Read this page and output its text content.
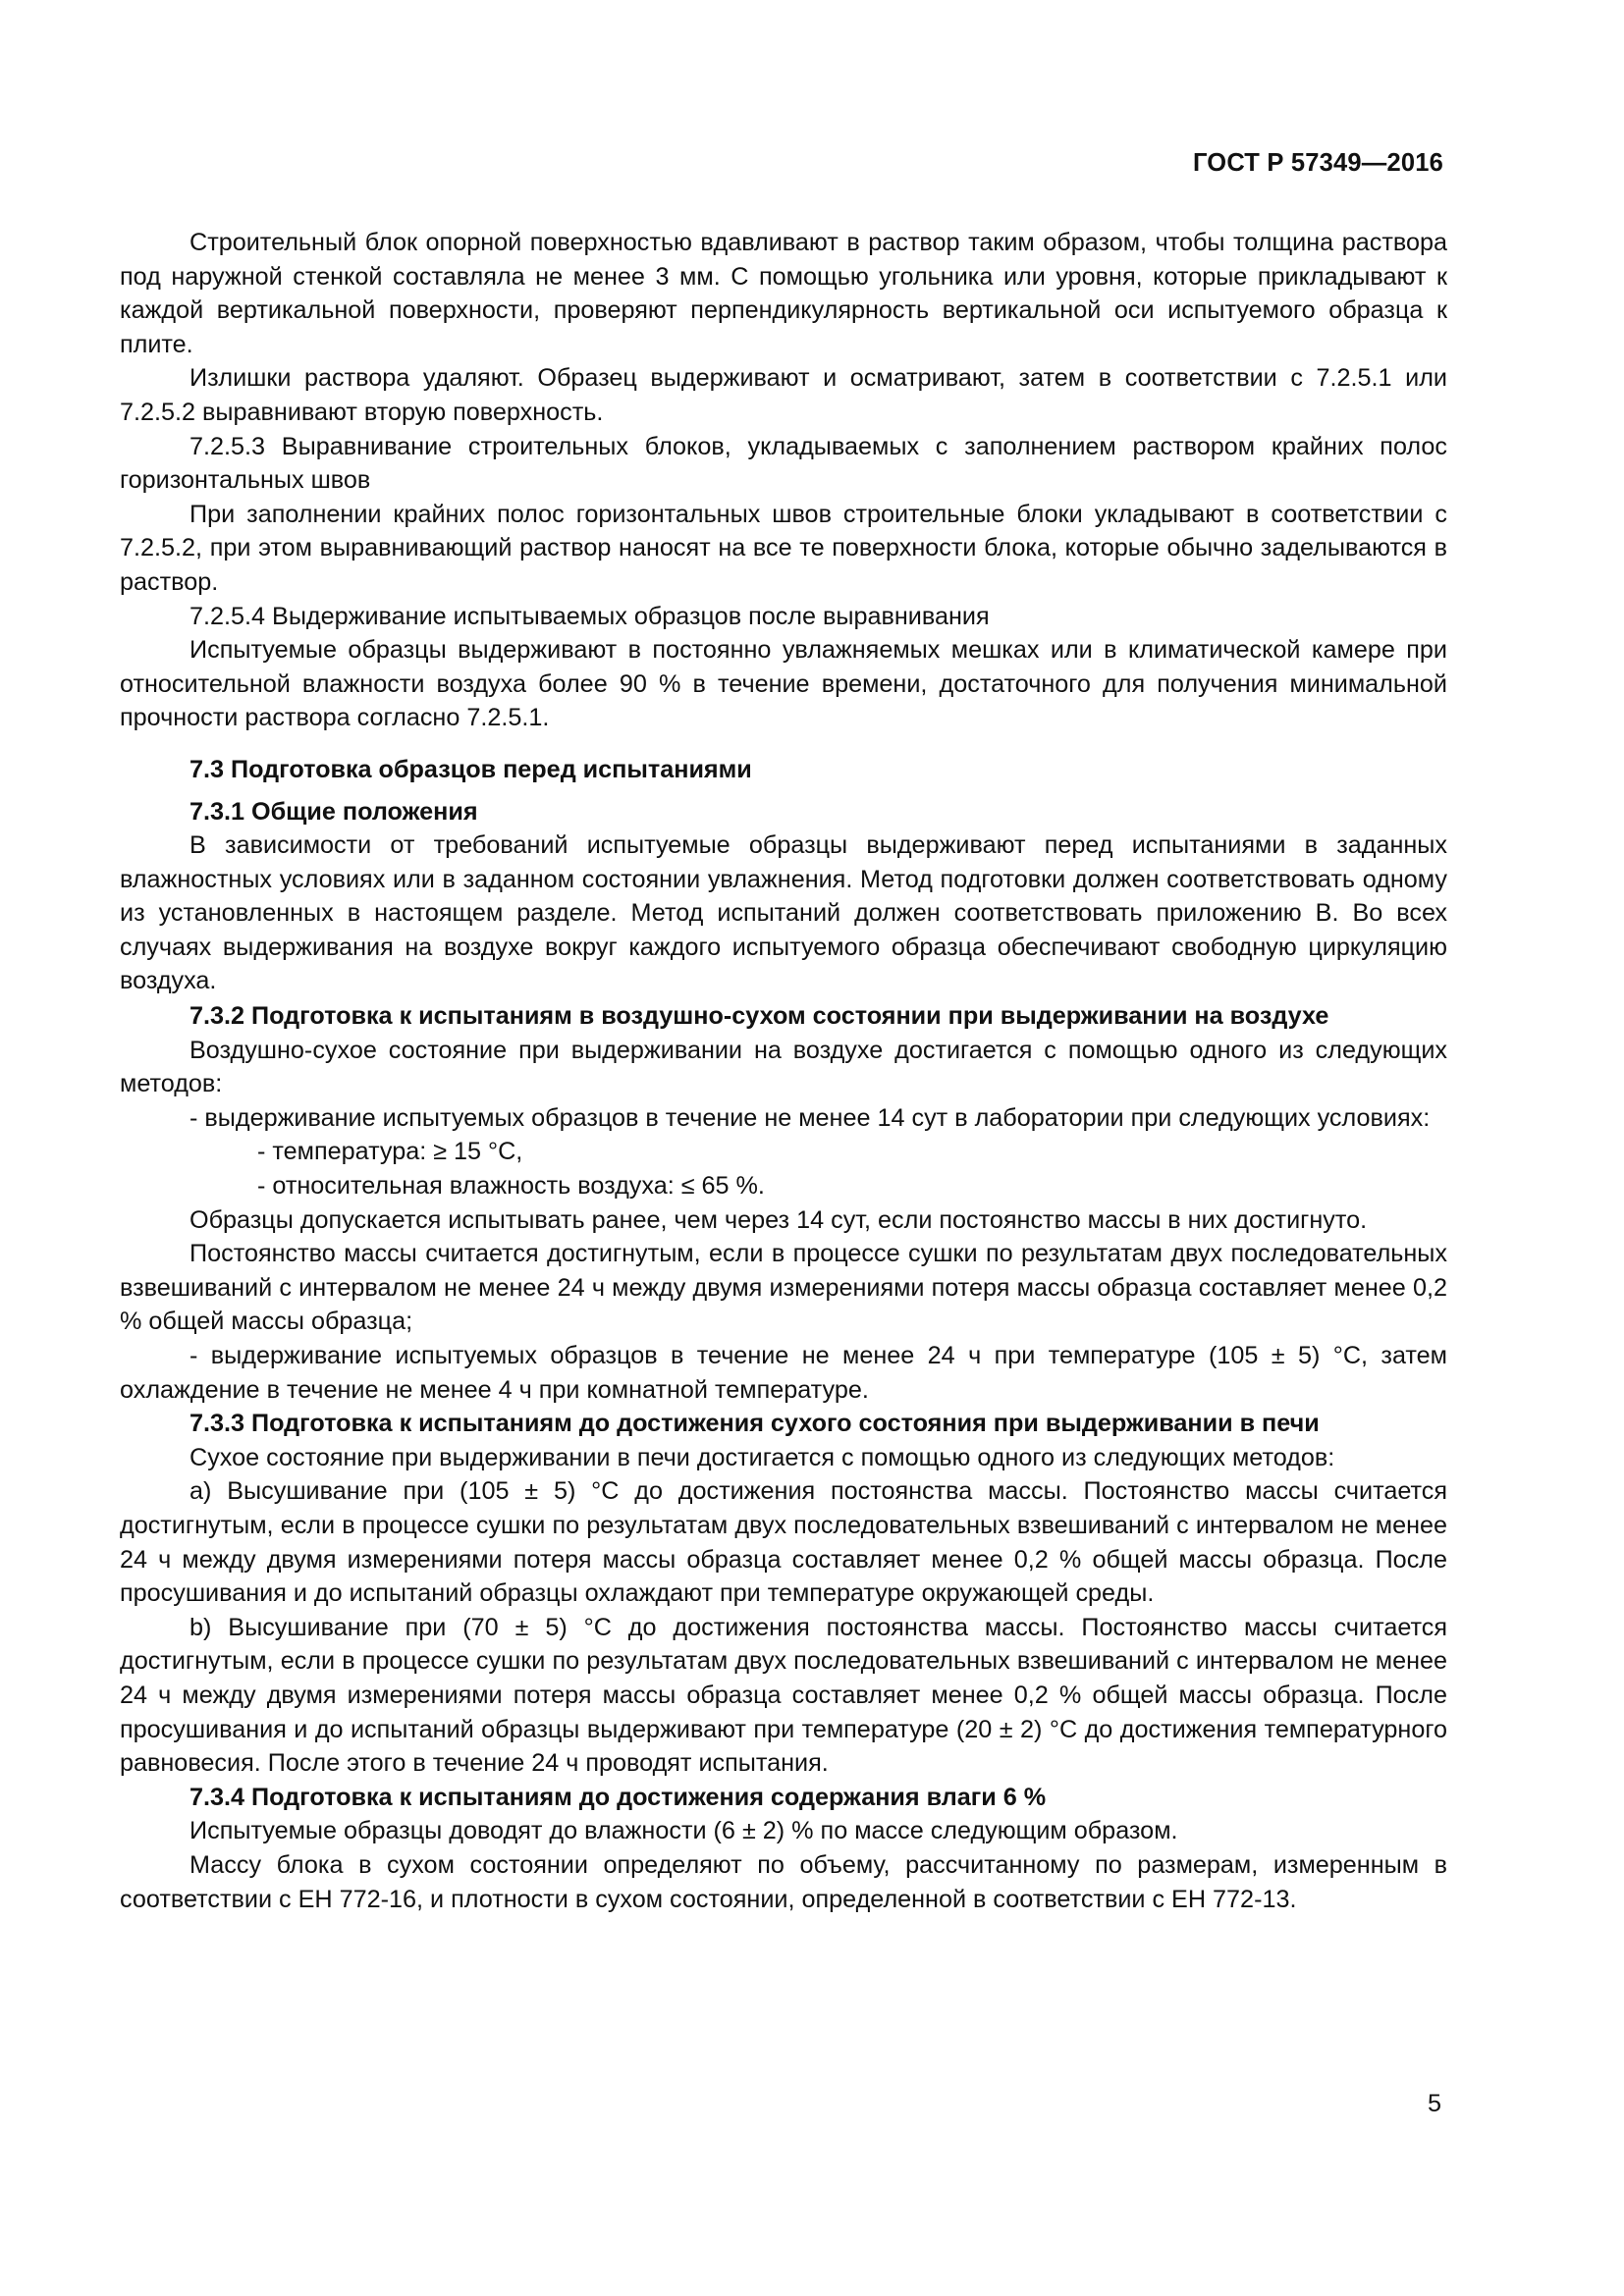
ГОСТ Р 57349—2016

Строительный блок опорной поверхностью вдавливают в раствор таким образом, чтобы толщина раствора под наружной стенкой составляла не менее 3 мм. С помощью угольника или уровня, которые прикладывают к каждой вертикальной поверхности, проверяют перпендикулярность вертикальной оси испытуемого образца к плите.

Излишки раствора удаляют. Образец выдерживают и осматривают, затем в соответствии с 7.2.5.1 или 7.2.5.2 выравнивают вторую поверхность.

7.2.5.3 Выравнивание строительных блоков, укладываемых с заполнением раствором крайних полос горизонтальных швов

При заполнении крайних полос горизонтальных швов строительные блоки укладывают в соответствии с 7.2.5.2, при этом выравнивающий раствор наносят на все те поверхности блока, которые обычно заделываются в раствор.

7.2.5.4 Выдерживание испытываемых образцов после выравнивания

Испытуемые образцы выдерживают в постоянно увлажняемых мешках или в климатической камере при относительной влажности воздуха более 90 % в течение времени, достаточного для получения минимальной прочности раствора согласно 7.2.5.1.

7.3 Подготовка образцов перед испытаниями

7.3.1 Общие положения

В зависимости от требований испытуемые образцы выдерживают перед испытаниями в заданных влажностных условиях или в заданном состоянии увлажнения. Метод подготовки должен соответствовать одному из установленных в настоящем разделе. Метод испытаний должен соответствовать приложению В. Во всех случаях выдерживания на воздухе вокруг каждого испытуемого образца обеспечивают свободную циркуляцию воздуха.

7.3.2 Подготовка к испытаниям в воздушно-сухом состоянии при выдерживании на воздухе

Воздушно-сухое состояние при выдерживании на воздухе достигается с помощью одного из следующих методов:

- выдерживание испытуемых образцов в течение не менее 14 сут в лаборатории при следующих условиях:

- температура: ≥ 15 °С,

- относительная влажность воздуха: ≤ 65 %.

Образцы допускается испытывать ранее, чем через 14 сут, если постоянство массы в них достигнуто.

Постоянство массы считается достигнутым, если в процессе сушки по результатам двух последовательных взвешиваний с интервалом не менее 24 ч между двумя измерениями потеря массы образца составляет менее 0,2 % общей массы образца;

- выдерживание испытуемых образцов в течение не менее 24 ч при температуре (105 ± 5) °С, затем охлаждение в течение не менее 4 ч при комнатной температуре.

7.3.3 Подготовка к испытаниям до достижения сухого состояния при выдерживании в печи

Сухое состояние при выдерживании в печи достигается с помощью одного из следующих методов:

а) Высушивание при (105 ± 5) °С до достижения постоянства массы. Постоянство массы считается достигнутым, если в процессе сушки по результатам двух последовательных взвешиваний с интервалом не менее 24 ч между двумя измерениями потеря массы образца составляет менее 0,2 % общей массы образца. После просушивания и до испытаний образцы охлаждают при температуре окружающей среды.

b) Высушивание при (70 ± 5) °С до достижения постоянства массы. Постоянство массы считается достигнутым, если в процессе сушки по результатам двух последовательных взвешиваний с интервалом не менее 24 ч между двумя измерениями потеря массы образца составляет менее 0,2 % общей массы образца. После просушивания и до испытаний образцы выдерживают при температуре (20 ± 2) °С до достижения температурного равновесия. После этого в течение 24 ч проводят испытания.

7.3.4 Подготовка к испытаниям до достижения содержания влаги 6 %

Испытуемые образцы доводят до влажности (6 ± 2) % по массе следующим образом.

Массу блока в сухом состоянии определяют по объему, рассчитанному по размерам, измеренным в соответствии с ЕН 772-16, и плотности в сухом состоянии, определенной в соответствии с ЕН 772-13.

5
